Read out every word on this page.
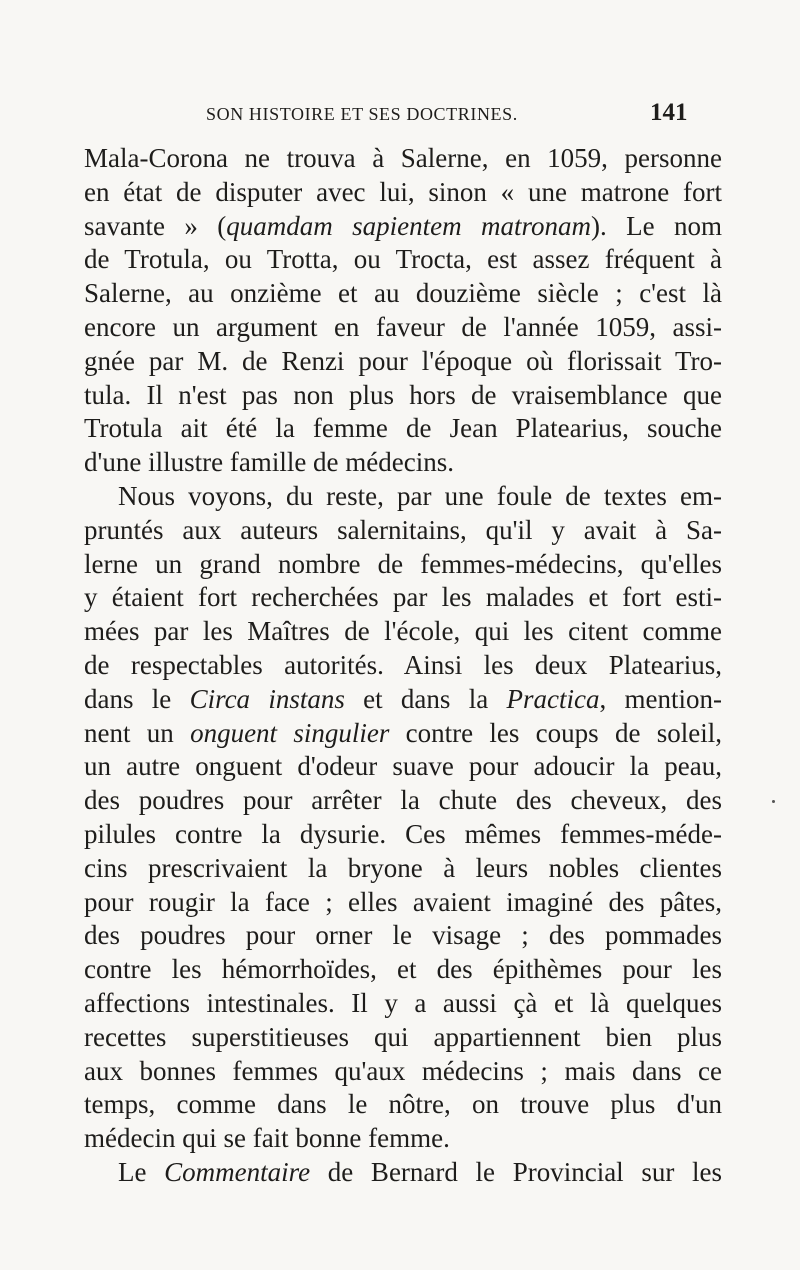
SON HISTOIRE ET SES DOCTRINES.	141
Mala-Corona ne trouva à Salerne, en 1059, personne
en état de disputer avec lui, sinon « une matrone fort
savante » (quamdam sapientem matronam). Le nom
de Trotula, ou Trotta, ou Trocta, est assez fréquent à
Salerne, au onzième et au douzième siècle ; c'est là
encore un argument en faveur de l'année 1059, assi-
gnée par M. de Renzi pour l'époque où florissait Tro-
tula. Il n'est pas non plus hors de vraisemblance que
Trotula ait été la femme de Jean Platearius, souche
d'une illustre famille de médecins.
Nous voyons, du reste, par une foule de textes em-
pruntés aux auteurs salernitains, qu'il y avait à Sa-
lerne un grand nombre de femmes-médecins, qu'elles
y étaient fort recherchées par les malades et fort esti-
mées par les Maîtres de l'école, qui les citent comme
de respectables autorités. Ainsi les deux Platearius,
dans le Circa instans et dans la Practica, mention-
nent un onguent singulier contre les coups de soleil,
un autre onguent d'odeur suave pour adoucir la peau,
des poudres pour arrêter la chute des cheveux, des
pilules contre la dysurie. Ces mêmes femmes-méde-
cins prescrivaient la bryone à leurs nobles clientes
pour rougir la face ; elles avaient imaginé des pâtes,
des poudres pour orner le visage ; des pommades
contre les hémorrhoïdes, et des épithèmes pour les
affections intestinales. Il y a aussi çà et là quelques
recettes superstitieuses qui appartiennent bien plus
aux bonnes femmes qu'aux médecins ; mais dans ce
temps, comme dans le nôtre, on trouve plus d'un
médecin qui se fait bonne femme.
Le Commentaire de Bernard le Provincial sur les
